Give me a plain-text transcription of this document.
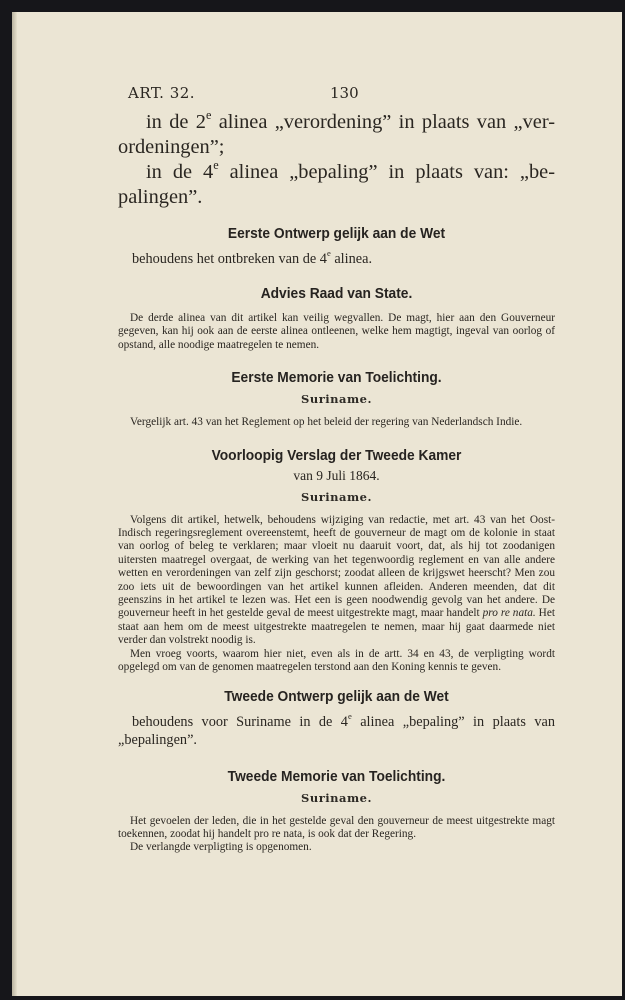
ART. 32.	130

in de 2e alinea „verordening” in plaats van „ver-ordeningen”;

in de 4e alinea „bepaling” in plaats van: „be-palingen”.

Eerste Ontwerp gelijk aan de Wet

behoudens het ontbreken van de 4e alinea.

Advies Raad van State.

De derde alinea van dit artikel kan veilig wegvallen. De magt, hier aan den Gouverneur gegeven, kan hij ook aan de eerste alinea ontleenen, welke hem magtigt, ingeval van oorlog of opstand, alle noodige maatregelen te nemen.

Eerste Memorie van Toelichting.

Suriname.

Vergelijk art. 43 van het Reglement op het beleid der regering van Nederlandsch Indie.

Voorloopig Verslag der Tweede Kamer

van 9 Juli 1864.

Suriname.

Volgens dit artikel, hetwelk, behoudens wijziging van redactie, met art. 43 van het Oost-Indisch regeringsreglement overeenstemt, heeft de gouverneur de magt om de kolonie in staat van oorlog of beleg te verklaren; maar vloeit nu daaruit voort, dat, als hij tot zoodanigen uitersten maatregel overgaat, de werking van het tegenwoordig reglement en van alle andere wetten en verordeningen van zelf zijn geschorst; zoodat alleen de krijgswet heerscht? Men zou zoo iets uit de bewoordingen van het artikel kunnen afleiden. Anderen meenden, dat dit geenszins in het artikel te lezen was. Het een is geen noodwendig gevolg van het andere. De gouverneur heeft in het gestelde geval de meest uitgestrekte magt, maar handelt pro re nata. Het staat aan hem om de meest uitgestrekte maatregelen te nemen, maar hij gaat daarmede niet verder dan volstrekt noodig is.

Men vroeg voorts, waarom hier niet, even als in de artt. 34 en 43, de verpligting wordt opgelegd om van de genomen maatregelen terstond aan den Koning kennis te geven.

Tweede Ontwerp gelijk aan de Wet

behoudens voor Suriname in de 4e alinea „bepaling” in plaats van „bepalingen”.

Tweede Memorie van Toelichting.

Suriname.

Het gevoelen der leden, die in het gestelde geval den gouverneur de meest uitgestrekte magt toekennen, zoodat hij handelt pro re nata, is ook dat der Regering.

De verlangde verpligting is opgenomen.
